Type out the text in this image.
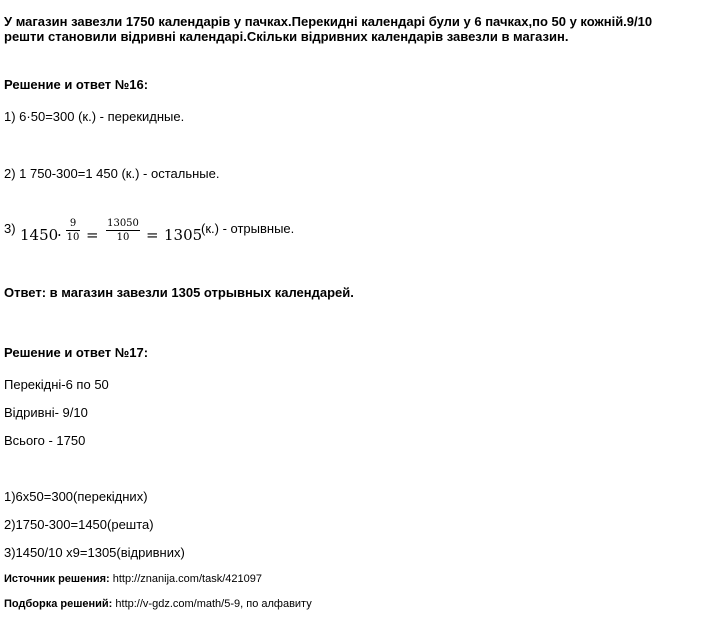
У магазин завезли 1750 календарів у пачках.Перекидні календарі були у 6 пачках,по 50 у кожній.9/10 решти становили відривні календарі.Скільки відривних календарів завезли в магазин.
Решение и ответ №16:
1) 6·50=300 (к.) - перекидные.
2) 1 750-300=1 450 (к.) - остальные.
3) 1450
·
9
10 =
13050
10	= 1305
(к.) - отрывные.
Ответ: в магазин завезли 1305 отрывных календарей.
Решение и ответ №17:
Перекідні-6 по 50
Відривні- 9/10
Всього - 1750
1)6х50=300(перекідних)
2)1750-300=1450(решта)
3)1450/10 х9=1305(відривних)
Источник решения: http://znanija.com/task/421097
Подборка решений: http://v-gdz.com/math/5-9, по алфавиту
